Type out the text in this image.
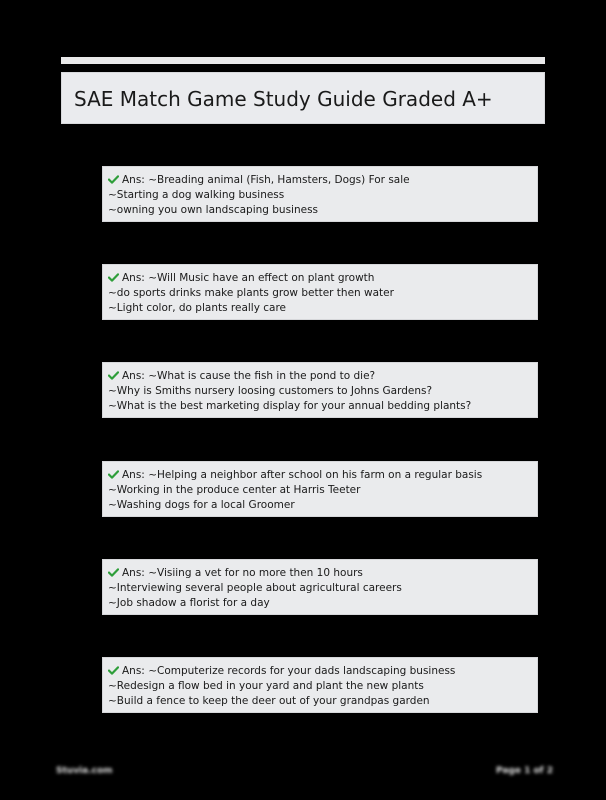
SAE Match Game Study Guide Graded A+
Ans: ~Breading animal (Fish, Hamsters, Dogs) For sale
~Starting a dog walking business
~owning you own landscaping business
Ans: ~Will Music have an effect on plant growth
~do sports drinks make plants grow better then water
~Light color, do plants really care
Ans: ~What is cause the fish in the pond to die?
~Why is Smiths nursery loosing customers to Johns Gardens?
~What is the best marketing display for your annual bedding plants?
Ans: ~Helping a neighbor after school on his farm on a regular basis
~Working in the produce center at Harris Teeter
~Washing dogs for a local Groomer
Ans: ~Visiing a vet for no more then 10 hours
~Interviewing several people about agricultural careers
~Job shadow a florist for a day
Ans: ~Computerize records for your dads landscaping business
~Redesign a flow bed in your yard and plant the new plants
~Build a fence to keep the deer out of your grandpas garden
Stuvia.com	Page 1 of 2
